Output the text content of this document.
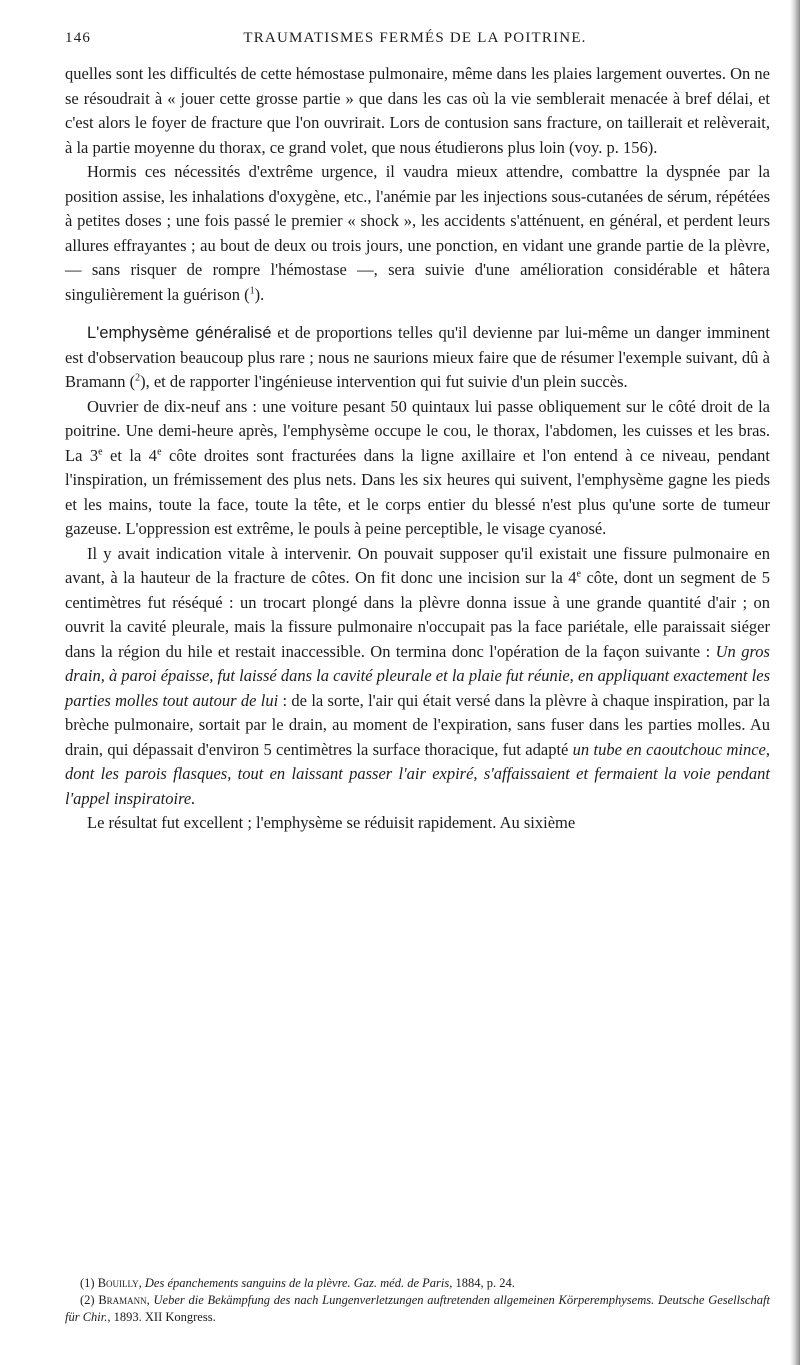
146	TRAUMATISMES FERMÉS DE LA POITRINE.

quelles sont les difficultés de cette hémostase pulmonaire, même dans les plaies largement ouvertes. On ne se résoudrait à « jouer cette grosse partie » que dans les cas où la vie semblerait menacée à bref délai, et c'est alors le foyer de fracture que l'on ouvrirait. Lors de contusion sans fracture, on taillerait et relèverait, à la partie moyenne du thorax, ce grand volet, que nous étudierons plus loin (voy. p. 156).

Hormis ces nécessités d'extrême urgence, il vaudra mieux attendre, combattre la dyspnée par la position assise, les inhalations d'oxygène, etc., l'anémie par les injections sous-cutanées de sérum, répétées à petites doses ; une fois passé le premier « shock », les accidents s'atténuent, en général, et perdent leurs allures effrayantes ; au bout de deux ou trois jours, une ponction, en vidant une grande partie de la plèvre, — sans risquer de rompre l'hémostase —, sera suivie d'une amélioration considérable et hâtera singulièrement la guérison ($^1$).

L'emphysème généralisé et de proportions telles qu'il devienne par lui-même un danger imminent est d'observation beaucoup plus rare ; nous ne saurions mieux faire que de résumer l'exemple suivant, dû à Bramann ($^2$), et de rapporter l'ingénieuse intervention qui fut suivie d'un plein succès.

Ouvrier de dix-neuf ans : une voiture pesant 50 quintaux lui passe obliquement sur le côté droit de la poitrine. Une demi-heure après, l'emphysème occupe le cou, le thorax, l'abdomen, les cuisses et les bras. La 3e et la 4e côte droites sont fracturées dans la ligne axillaire et l'on entend à ce niveau, pendant l'inspiration, un frémissement des plus nets. Dans les six heures qui suivent, l'emphysème gagne les pieds et les mains, toute la face, toute la tête, et le corps entier du blessé n'est plus qu'une sorte de tumeur gazeuse. L'oppression est extrême, le pouls à peine perceptible, le visage cyanosé.

Il y avait indication vitale à intervenir. On pouvait supposer qu'il existait une fissure pulmonaire en avant, à la hauteur de la fracture de côtes. On fit donc une incision sur la 4e côte, dont un segment de 5 centimètres fut réséqué : un trocart plongé dans la plèvre donna issue à une grande quantité d'air ; on ouvrit la cavité pleurale, mais la fissure pulmonaire n'occupait pas la face pariétale, elle paraissait siéger dans la région du hile et restait inaccessible. On termina donc l'opération de la façon suivante : Un gros drain, à paroi épaisse, fut laissé dans la cavité pleurale et la plaie fut réunie, en appliquant exactement les parties molles tout autour de lui : de la sorte, l'air qui était versé dans la plèvre à chaque inspiration, par la brèche pulmonaire, sortait par le drain, au moment de l'expiration, sans fuser dans les parties molles. Au drain, qui dépassait d'environ 5 centimètres la surface thoracique, fut adapté un tube en caoutchouc mince, dont les parois flasques, tout en laissant passer l'air expiré, s'affaissaient et fermaient la voie pendant l'appel inspiratoire.

Le résultat fut excellent ; l'emphysème se réduisit rapidement. Au sixième

(1) Bouilly, Des épanchements sanguins de la plèvre. Gaz. méd. de Paris, 1884, p. 24.

(2) Bramann, Ueber die Bekämpfung des nach Lungenverletzungen auftretenden allgemeinen Körperemphysems. Deutsche Gesellschaft für Chir., 1893. XII Kongress.
